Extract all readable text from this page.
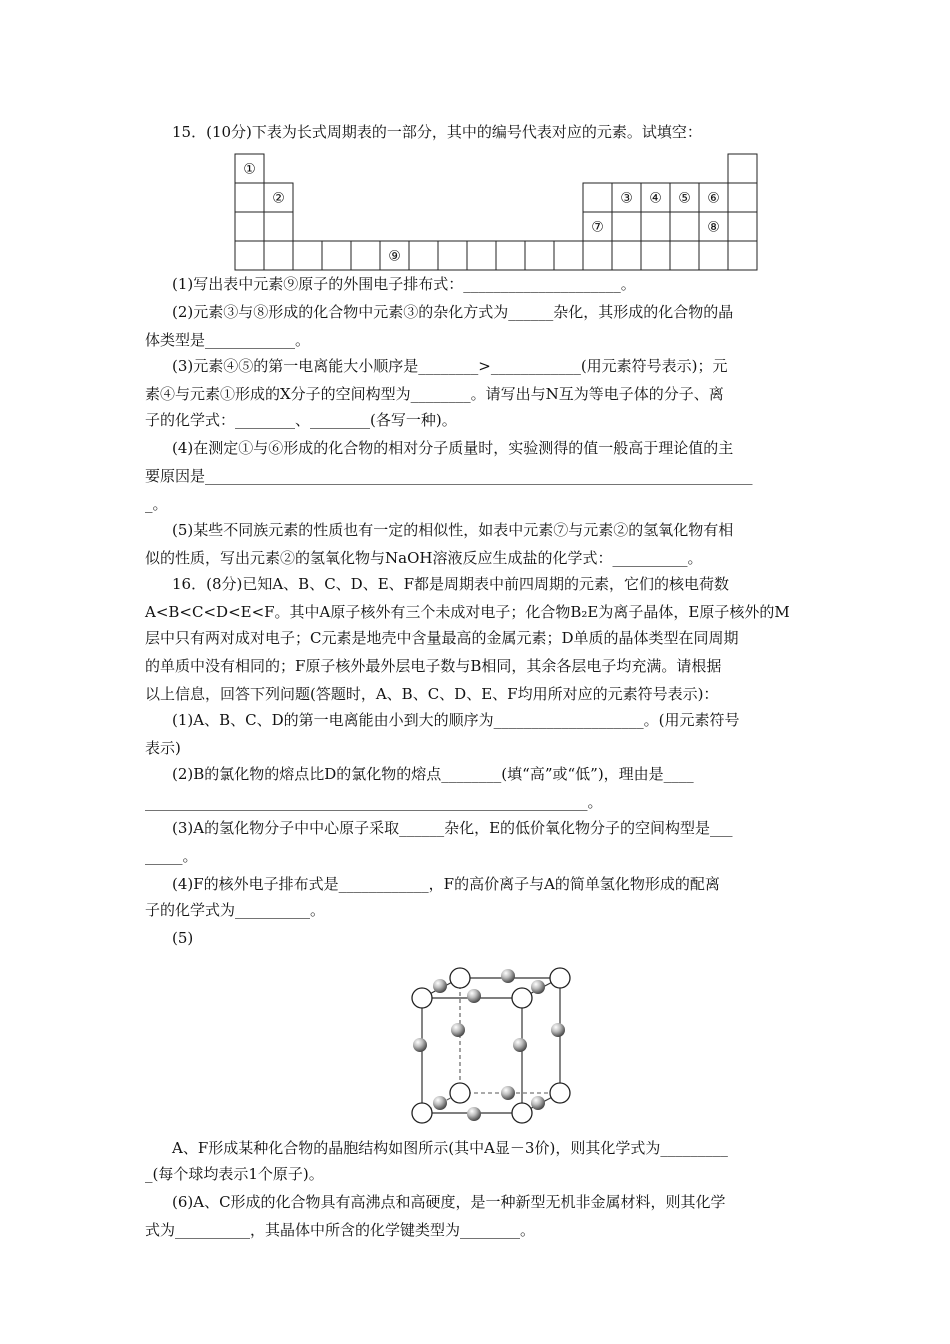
15．(10分)下表为长式周期表的一部分，其中的编号代表对应的元素。试填空：
①
②	③ ④ ⑤ ⑥
⑦	⑧
⑨
(1)写出表中元素⑨原子的外围电子排布式：_____________________。
(2)元素③与⑧形成的化合物中元素③的杂化方式为______杂化，其形成的化合物的晶
体类型是____________。
(3)元素④⑤的第一电离能大小顺序是________>____________(用元素符号表示)；元
素④与元素①形成的X分子的空间构型为________。请写出与N互为等电子体的分子、离
子的化学式：________、________(各写一种)。
(4)在测定①与⑥形成的化合物的相对分子质量时，实验测得的值一般高于理论值的主
要原因是_________________________________________________________________________
_。
(5)某些不同族元素的性质也有一定的相似性，如表中元素⑦与元素②的氢氧化物有相
似的性质，写出元素②的氢氧化物与NaOH溶液反应生成盐的化学式：__________。
16．(8分)已知A、B、C、D、E、F都是周期表中前四周期的元素，它们的核电荷数
A<B<C<D<E<F。其中A原子核外有三个未成对电子；化合物B₂E为离子晶体，E原子核外的M
层中只有两对成对电子；C元素是地壳中含量最高的金属元素；D单质的晶体类型在同周期
的单质中没有相同的；F原子核外最外层电子数与B相同，其余各层电子均充满。请根据
以上信息，回答下列问题(答题时，A、B、C、D、E、F均用所对应的元素符号表示)：
(1)A、B、C、D的第一电离能由小到大的顺序为____________________。(用元素符号
表示)
(2)B的氯化物的熔点比D的氯化物的熔点________(填“高”或“低”)，理由是____
___________________________________________________________。
(3)A的氢化物分子中中心原子采取______杂化，E的低价氧化物分子的空间构型是___
_____。
(4)F的核外电子排布式是____________，F的高价离子与A的简单氢化物形成的配离
子的化学式为__________。
(5)
A、F形成某种化合物的晶胞结构如图所示(其中A显－3价)，则其化学式为_________
_(每个球均表示1个原子)。
(6)A、C形成的化合物具有高沸点和高硬度，是一种新型无机非金属材料，则其化学
式为__________，其晶体中所含的化学键类型为________。
